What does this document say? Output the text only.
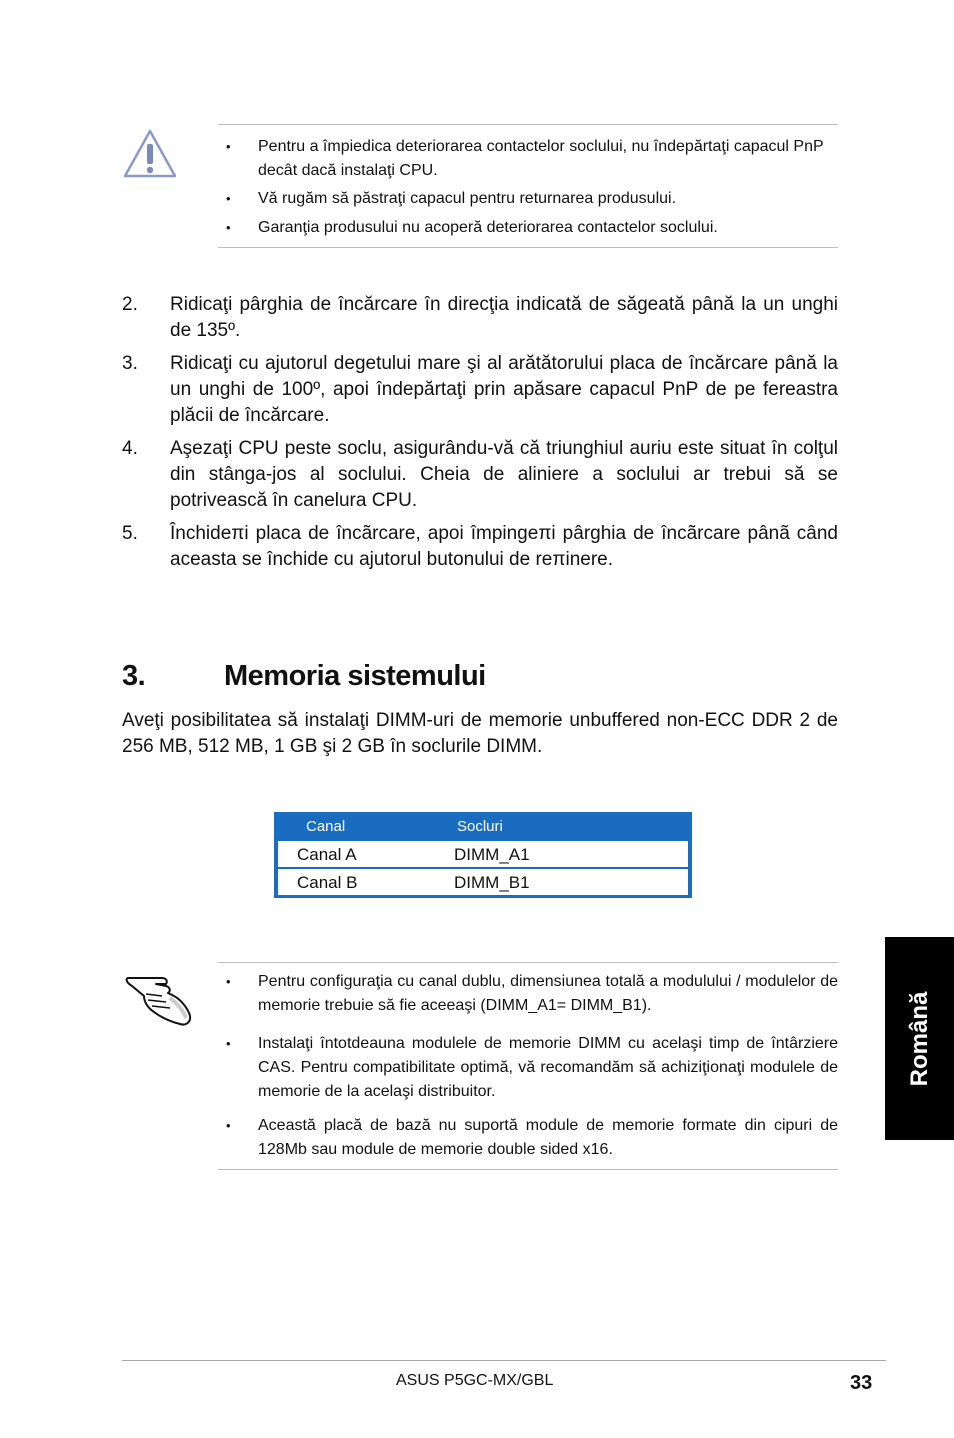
• Pentru a împiedica deteriorarea contactelor soclului, nu îndepărtaţi capacul PnP decât dacă instalaţi CPU.
• Vă rugăm să păstraţi capacul pentru returnarea produsului.
• Garanţia produsului nu acoperă deteriorarea contactelor soclului.
2. Ridicaţi pârghia de încărcare în direcţia indicată de săgeată până la un unghi de 135º.
3. Ridicaţi cu ajutorul degetului mare şi al arătătorului placa de încărcare până la un unghi de 100º, apoi îndepărtaţi prin apăsare capacul PnP de pe fereastra plăcii de încărcare.
4. Aşezaţi CPU peste soclu, asigurându-vă că triunghiul auriu este situat în colţul din stânga-jos al soclului. Cheia de aliniere a soclului ar trebui să se potrivească în canelura CPU.
5. Închideπi placa de încãrcare, apoi împingeπi pârghia de încãrcare pânã când aceasta se închide cu ajutorul butonului de reπinere.
3.	Memoria sistemului
Aveţi posibilitatea să instalaţi DIMM-uri de memorie unbuffered non-ECC DDR 2 de 256 MB, 512 MB, 1 GB şi 2 GB în soclurile DIMM.
Canal	Socluri
Canal A	DIMM_A1
Canal B	DIMM_B1
• Pentru configuraţia cu canal dublu, dimensiunea totală a modulului / modulelor de memorie trebuie să fie aceeaşi (DIMM_A1= DIMM_B1).
• Instalaţi întotdeauna modulele de memorie DIMM cu acelaşi timp de întârziere CAS. Pentru compatibilitate optimă, vă recomandăm să achiziţionaţi modulele de memorie de la acelaşi distribuitor.
• Această placă de bază nu suportă module de memorie formate din cipuri de 128Mb sau module de memorie double sided x16.
Română
ASUS P5GC-MX/GBL	33
